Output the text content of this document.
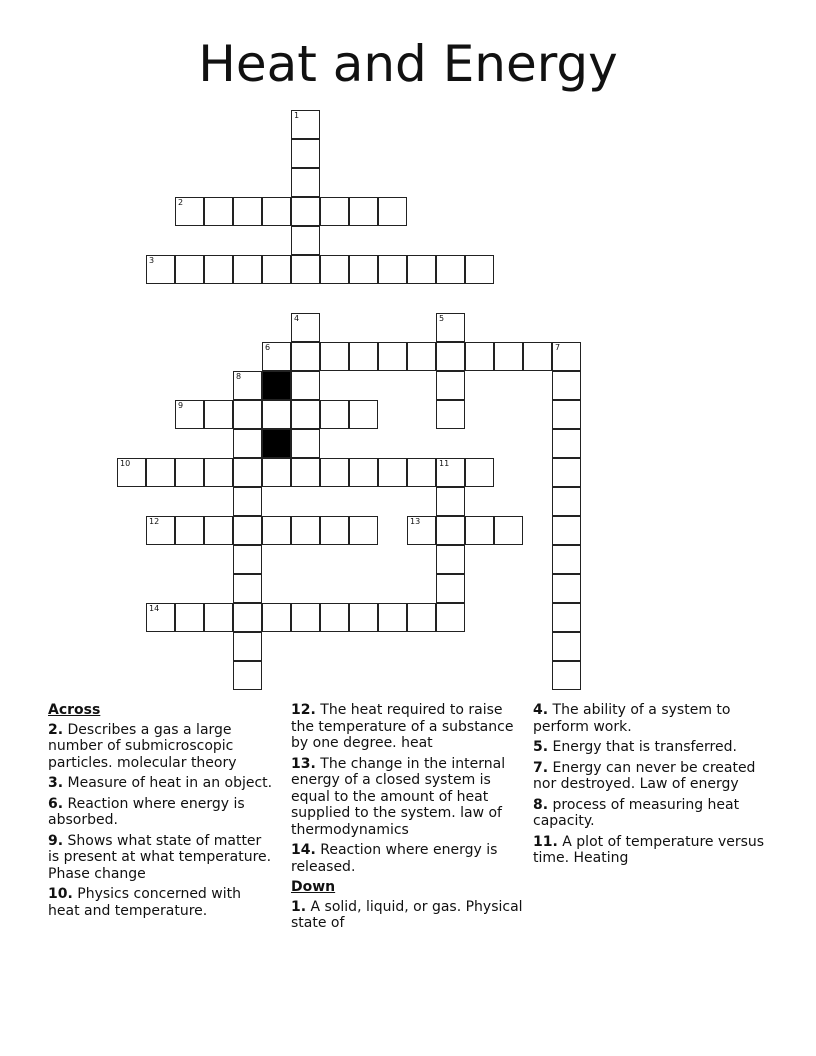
Heat and Energy
1
2
3
4	5
6	7
8
9
10	11
12	13
14
Across
2. Describes a gas a large number of submicroscopic particles. molecular theory
3. Measure of heat in an object.
6. Reaction where energy is absorbed.
9. Shows what state of matter is present at what temperature. Phase change
10. Physics concerned with heat and temperature.
12. The heat required to raise the temperature of a substance by one degree. heat
13. The change in the internal energy of a closed system is equal to the amount of heat supplied to the system. law of thermodynamics
14. Reaction where energy is released.
Down
1. A solid, liquid, or gas. Physical state of
4. The ability of a system to perform work.
5. Energy that is transferred.
7. Energy can never be created nor destroyed. Law of energy
8. process of measuring heat capacity.
11. A plot of temperature versus time. Heating
